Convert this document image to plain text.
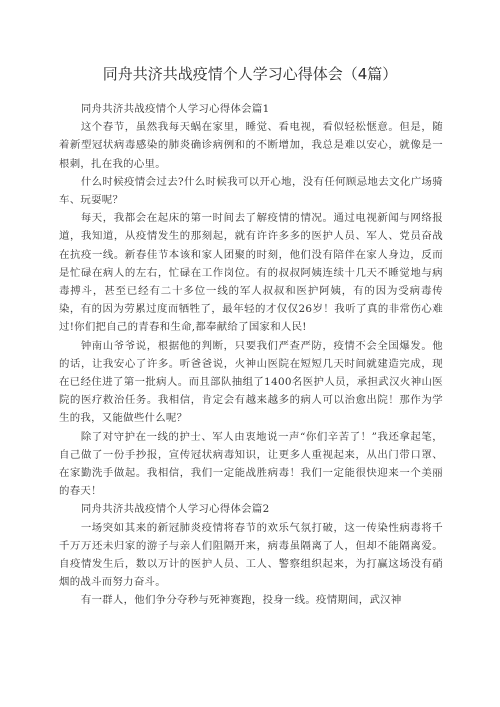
同舟共济共战疫情个人学习心得体会（4篇）

同舟共济共战疫情个人学习心得体会篇1

这个春节，虽然我每天蜗在家里，睡觉、看电视，看似轻松惬意。但是，随着新型冠状病毒感染的肺炎确诊病例和的不断增加，我总是难以安心，就像是一根刺，扎在我的心里。

什么时候疫情会过去?什么时候我可以开心地，没有任何顾忌地去文化广场骑车、玩耍呢？

每天，我都会在起床的第一时间去了解疫情的情况。通过电视新闻与网络报道，我知道，从疫情发生的那刻起，就有许许多多的医护人员、军人、党员奋战在抗疫一线。新春佳节本该和家人团聚的时刻，他们没有陪伴在家人身边，反而是忙碌在病人的左右，忙碌在工作岗位。有的叔叔阿姨连续十几天不睡觉地与病毒搏斗，甚至已经有二十多位一线的军人叔叔和医护阿姨，有的因为受病毒传染，有的因为劳累过度而牺牲了，最年轻的才仅仅26岁！我听了真的非常伤心难过!你们把自己的青春和生命,都奉献给了国家和人民!

钟南山爷爷说，根据他的判断，只要我们严查严防，疫情不会全国爆发。他的话，让我安心了许多。听爸爸说，火神山医院在短短几天时间就建造完成，现在已经住进了第一批病人。而且部队抽组了1400名医护人员，承担武汉火神山医院的医疗救治任务。我相信，肯定会有越来越多的病人可以治愈出院！那作为学生的我，又能做些什么呢？

除了对守护在一线的护士、军人由衷地说一声“你们辛苦了！”我还拿起笔，自己做了一份手抄报，宣传冠状病毒知识，让更多人重视起来，从出门带口罩、在家勤洗手做起。我相信，我们一定能战胜病毒！我们一定能很快迎来一个美丽的春天！

同舟共济共战疫情个人学习心得体会篇2

一场突如其来的新冠肺炎疫情将春节的欢乐气氛打破，这一传染性病毒将千千万万还未归家的游子与亲人们阻隔开来，病毒虽隔离了人，但却不能隔离爱。自疫情发生后，数以万计的医护人员、工人、警察组织起来，为打赢这场没有硝烟的战斗而努力奋斗。

有一群人，他们争分夺秒与死神赛跑，投身一线。疫情期间，武汉神
